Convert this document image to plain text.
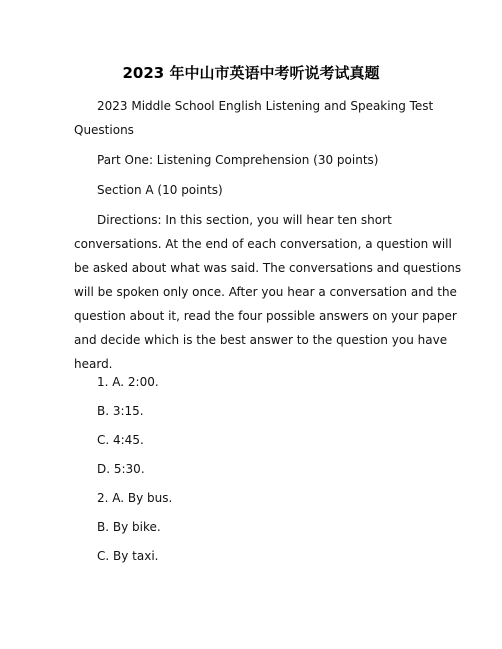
2023 年中山市英语中考听说考试真题
2023 Middle School English Listening and Speaking Test
Questions
Part One: Listening Comprehension (30 points)
Section A (10 points)
Directions: In this section, you will hear ten short
conversations. At the end of each conversation, a question will
be asked about what was said. The conversations and questions
will be spoken only once. After you hear a conversation and the
question about it, read the four possible answers on your paper
and decide which is the best answer to the question you have
heard.
1. A. 2:00.
B. 3:15.
C. 4:45.
D. 5:30.
2. A. By bus.
B. By bike.
C. By taxi.
